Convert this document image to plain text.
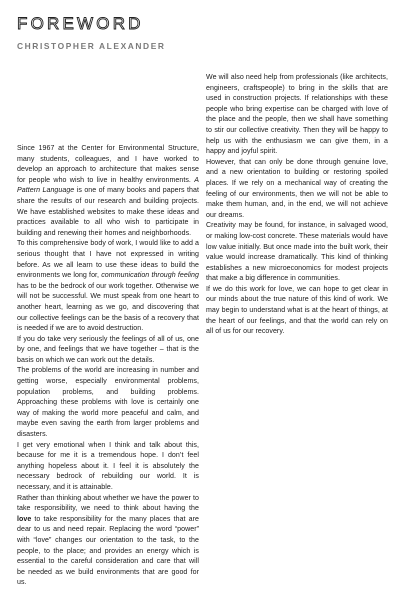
FOREWORD
CHRISTOPHER ALEXANDER

Since 1967 at the Center for Environmental Structure, many students, colleagues, and I have worked to develop an approach to architecture that makes sense for people who wish to live in healthy environments. A Pattern Language is one of many books and papers that share the results of our research and building projects. We have established websites to make these ideas and practices available to all who wish to participate in building and renewing their homes and neighborhoods.

To this comprehensive body of work, I would like to add a serious thought that I have not expressed in writing before. As we all learn to use these ideas to build the environments we long for, communication through feeling has to be the bedrock of our work together. Otherwise we will not be successful. We must speak from one heart to another heart, learning as we go, and discovering that our collective feelings can be the basis of a recovery that is needed if we are to avoid destruction.

If you do take very seriously the feelings of all of us, one by one, and feelings that we have together – that is the basis on which we can work out the details.

The problems of the world are increasing in number and getting worse, especially environmental problems, population problems, and building problems. Approaching these problems with love is certainly one way of making the world more peaceful and calm, and maybe even saving the earth from larger problems and disasters.

I get very emotional when I think and talk about this, because for me it is a tremendous hope. I don’t feel anything hopeless about it. I feel it is absolutely the necessary bedrock of rebuilding our world. It is necessary, and it is attainable.

Rather than thinking about whether we have the power to take responsibility, we need to think about having the love to take responsibility for the many places that are dear to us and need repair. Replacing the word “power” with “love” changes our orientation to the task, to the people, to the place; and provides an energy which is essential to the careful consideration and care that will be needed as we build environments that are good for us.

We will also need help from professionals (like architects, engineers, craftspeople) to bring in the skills that are used in construction projects. If relationships with these people who bring expertise can be charged with love of the place and the people, then we shall have something to stir our collective creativity. Then they will be happy to help us with the enthusiasm we can give them, in a happy and joyful spirit.

However, that can only be done through genuine love, and a new orientation to building or restoring spoiled places. If we rely on a mechanical way of creating the feeling of our environments, then we will not be able to make them human, and, in the end, we will not achieve our dreams.

Creativity may be found, for instance, in salvaged wood, or making low-cost concrete. These materials would have low value initially. But once made into the built work, their value would increase dramatically. This kind of thinking establishes a new microeconomics for modest projects that make a big difference in communities.

If we do this work for love, we can hope to get clear in our minds about the true nature of this kind of work. We may begin to understand what is at the heart of things, at the heart of our feelings, and that the world can rely on all of us for our recovery.
